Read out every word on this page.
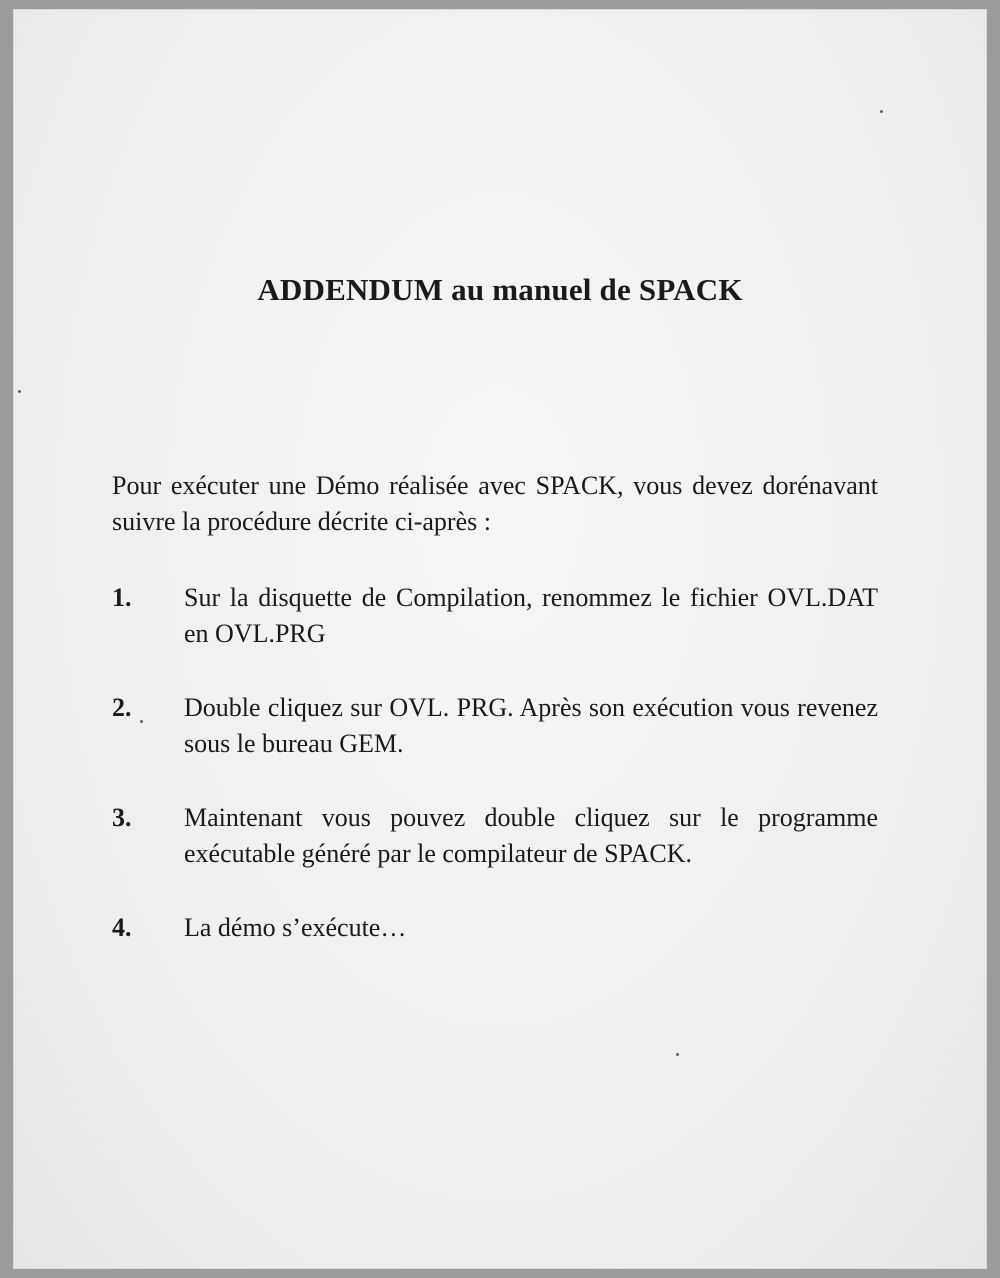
ADDENDUM au manuel de SPACK
Pour exécuter une Démo réalisée avec SPACK, vous devez dorénavant suivre la procédure décrite ci-après :
1. Sur la disquette de Compilation, renommez le fichier OVL.DAT en OVL.PRG
2. Double cliquez sur OVL. PRG. Après son exécution vous revenez sous le bureau GEM.
3. Maintenant vous pouvez double cliquez sur le programme exécutable généré par le compilateur de SPACK.
4. La démo s’exécute…
